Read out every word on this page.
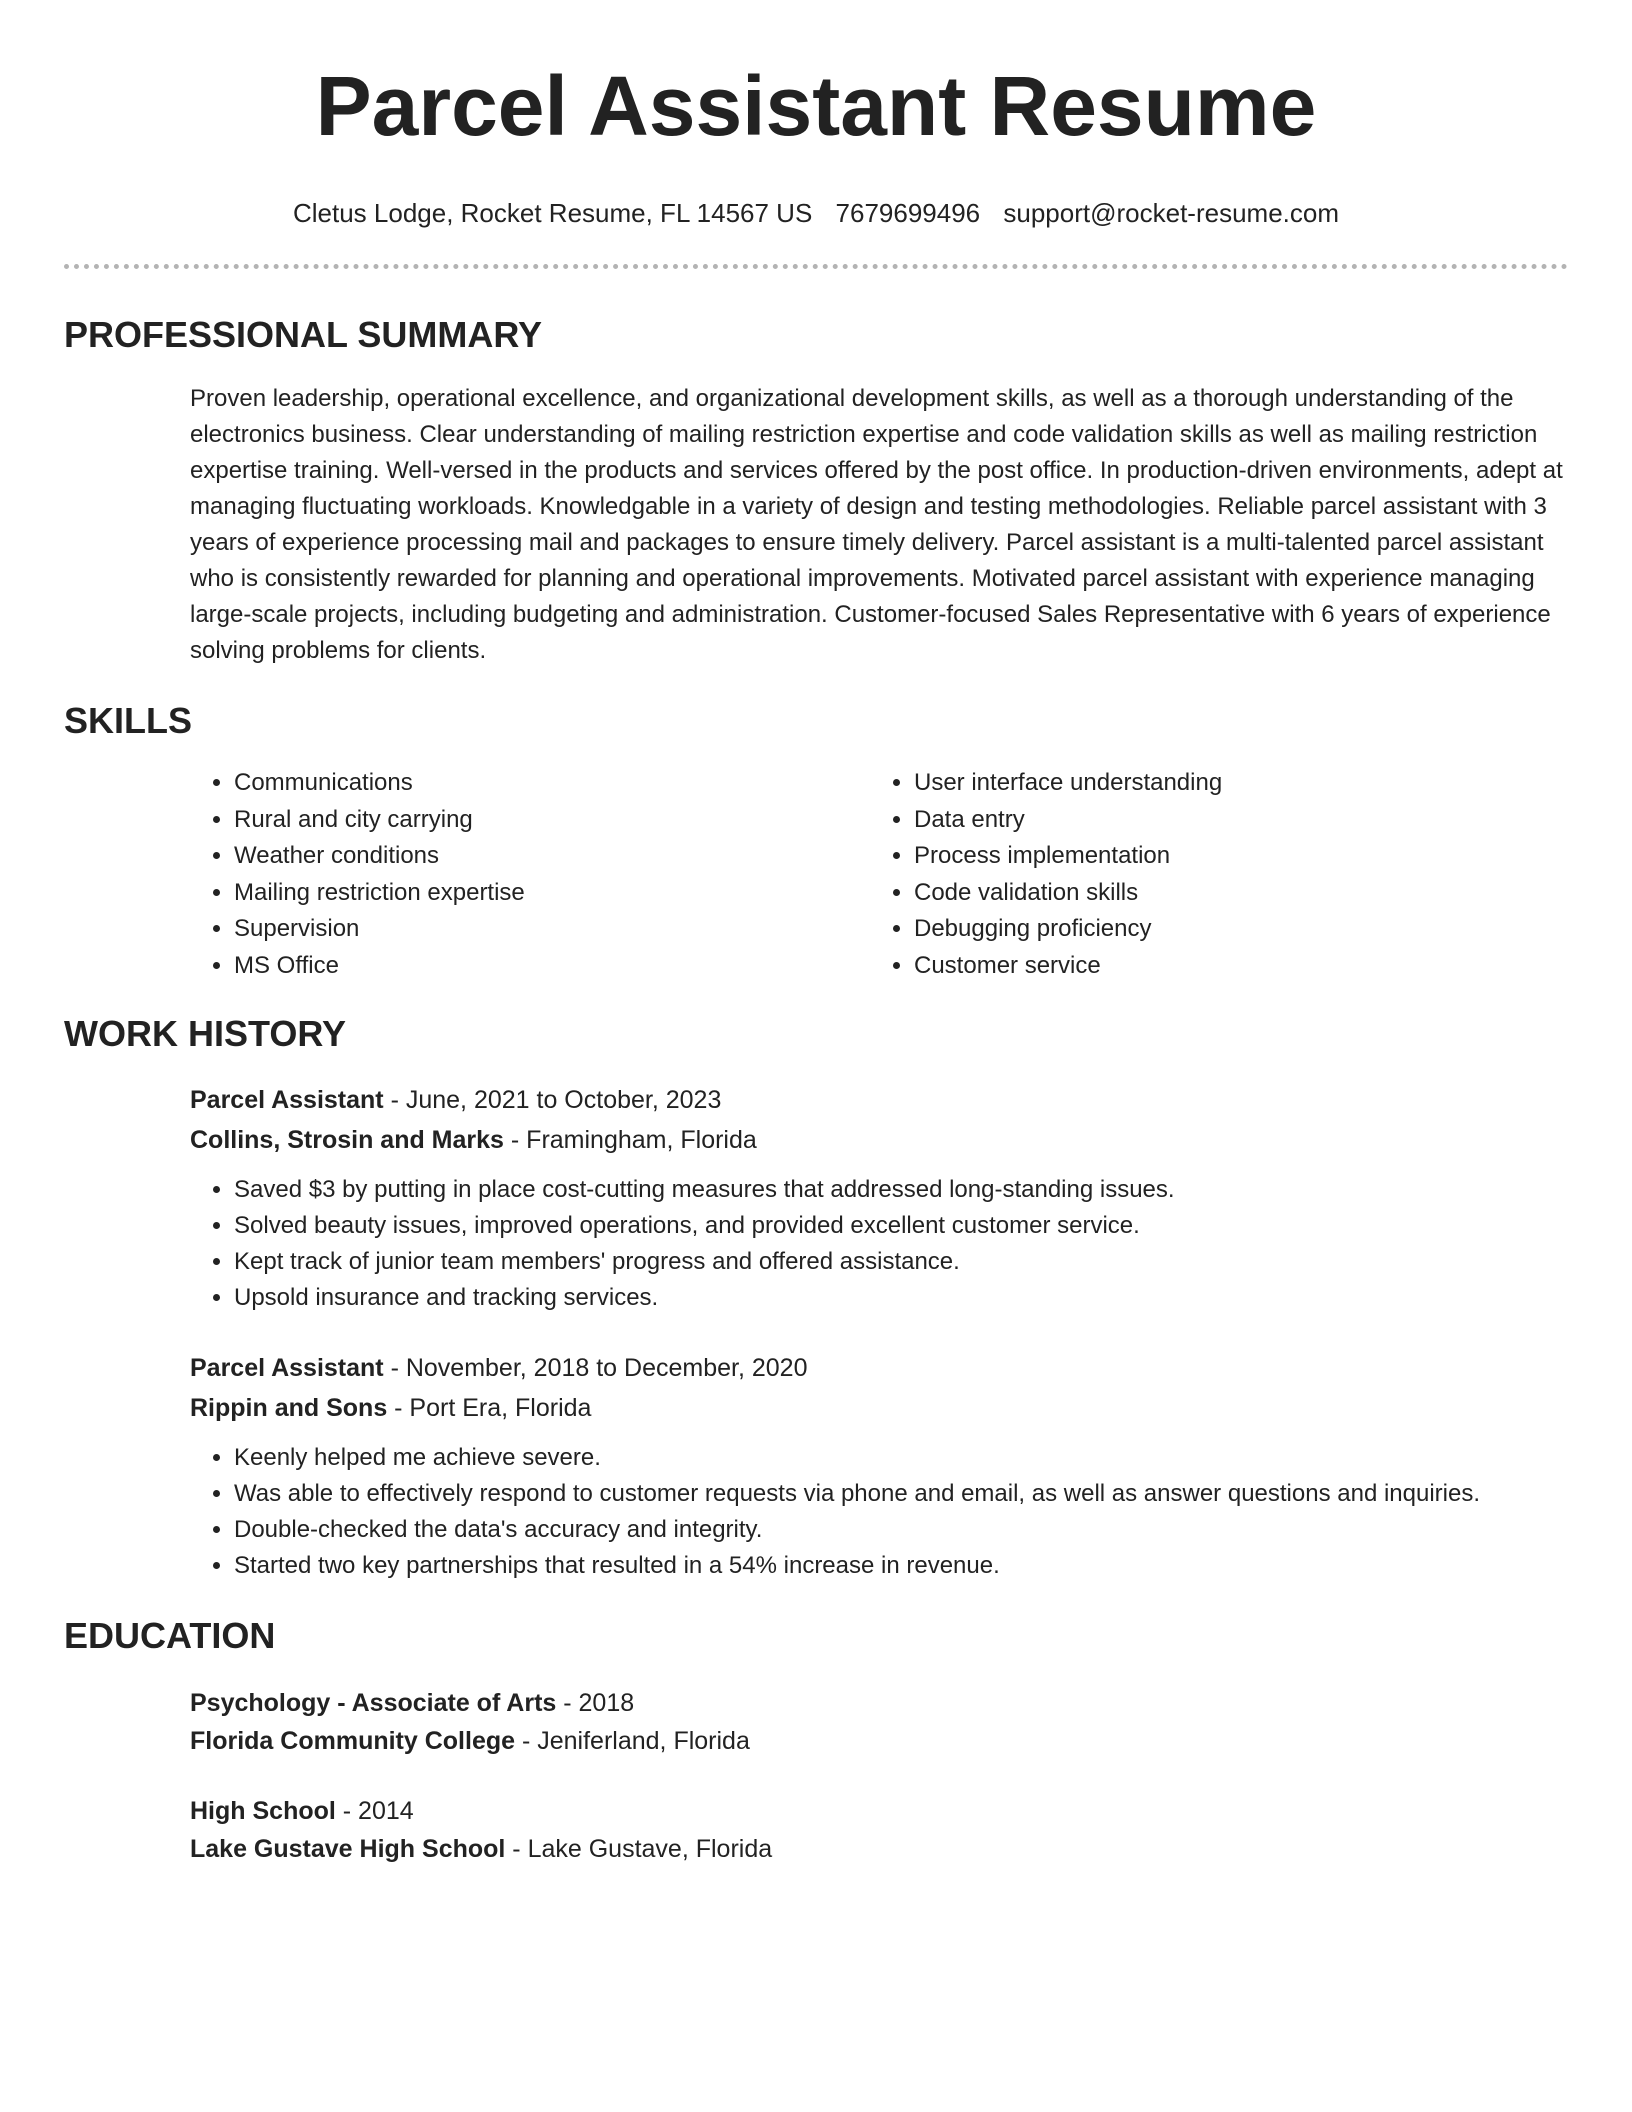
Parcel Assistant Resume
Cletus Lodge, Rocket Resume, FL 14567 US 7679699496 support@rocket-resume.com
PROFESSIONAL SUMMARY

Proven leadership, operational excellence, and organizational development skills, as well as a thorough understanding of the electronics business. Clear understanding of mailing restriction expertise and code validation skills as well as mailing restriction expertise training. Well-versed in the products and services offered by the post office. In production-driven environments, adept at managing fluctuating workloads. Knowledgable in a variety of design and testing methodologies. Reliable parcel assistant with 3 years of experience processing mail and packages to ensure timely delivery. Parcel assistant is a multi-talented parcel assistant who is consistently rewarded for planning and operational improvements. Motivated parcel assistant with experience managing large-scale projects, including budgeting and administration. Customer-focused Sales Representative with 6 years of experience solving problems for clients.

SKILLS
• Communications
• Rural and city carrying
• Weather conditions
• Mailing restriction expertise
• Supervision
• MS Office
• User interface understanding
• Data entry
• Process implementation
• Code validation skills
• Debugging proficiency
• Customer service
WORK HISTORY
Parcel Assistant - June, 2021 to October, 2023
Collins, Strosin and Marks - Framingham, Florida
• Saved $3 by putting in place cost-cutting measures that addressed long-standing issues.
• Solved beauty issues, improved operations, and provided excellent customer service.
• Kept track of junior team members' progress and offered assistance.
• Upsold insurance and tracking services.
Parcel Assistant - November, 2018 to December, 2020
Rippin and Sons - Port Era, Florida
• Keenly helped me achieve severe.
• Was able to effectively respond to customer requests via phone and email, as well as answer questions and inquiries.
• Double-checked the data's accuracy and integrity.
• Started two key partnerships that resulted in a 54% increase in revenue.
EDUCATION
Psychology - Associate of Arts - 2018
Florida Community College - Jeniferland, Florida
High School - 2014
Lake Gustave High School - Lake Gustave, Florida
